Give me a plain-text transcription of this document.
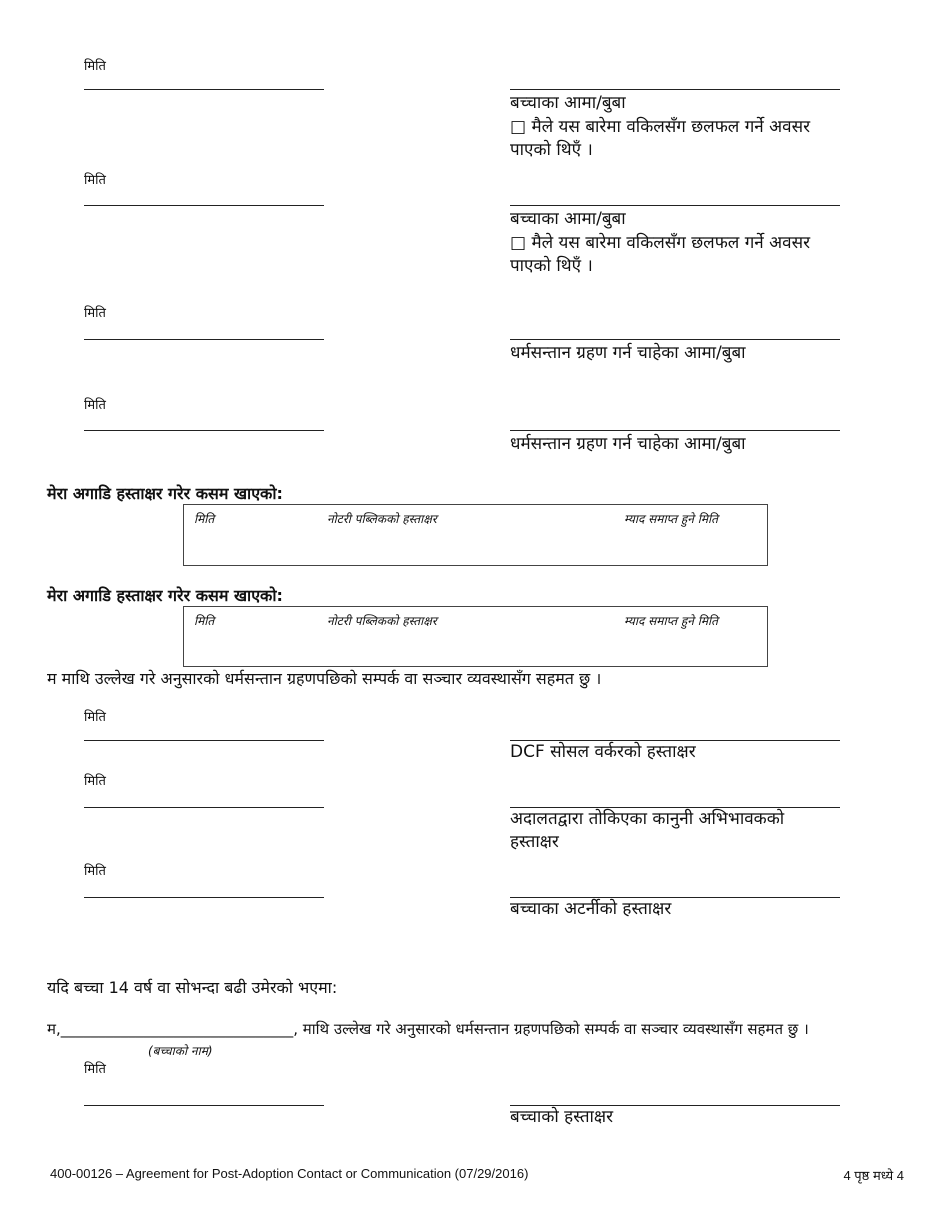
मिति
बच्चाका आमा/बुबा
□ मैले यस बारेमा वकिलसँग छलफल गर्ने अवसर पाएको थिएँ ।
मिति
बच्चाका आमा/बुबा
□ मैले यस बारेमा वकिलसँग छलफल गर्ने अवसर पाएको थिएँ ।
मिति
धर्मसन्तान ग्रहण गर्न चाहेका आमा/बुबा
मिति
धर्मसन्तान ग्रहण गर्न चाहेका आमा/बुबा
मेरा अगाडि हस्ताक्षर गरेर कसम खाएको:
मिति	नोटरी पब्लिकको हस्ताक्षर	म्याद समाप्त हुने मिति
मेरा अगाडि हस्ताक्षर गरेर कसम खाएको:
मिति	नोटरी पब्लिकको हस्ताक्षर	म्याद समाप्त हुने मिति
म माथि उल्लेख गरे अनुसारको धर्मसन्तान ग्रहणपछिको सम्पर्क वा सञ्चार व्यवस्थासँग सहमत छु ।
मिति
DCF सोसल वर्करको हस्ताक्षर
मिति
अदालतद्वारा तोकिएका कानुनी अभिभावकको हस्ताक्षर
मिति
बच्चाका अटर्नीको हस्ताक्षर
यदि बच्चा 14 वर्ष वा सोभन्दा बढी उमेरको भएमा:
म,_______________________________, माथि उल्लेख गरे अनुसारको धर्मसन्तान ग्रहणपछिको सम्पर्क वा सञ्चार व्यवस्थासँग सहमत छु ।
(बच्चाको नाम)
मिति
बच्चाको हस्ताक्षर
400-00126 – Agreement for Post-Adoption Contact or Communication (07/29/2016)	4 पृष्ठ मध्ये 4
